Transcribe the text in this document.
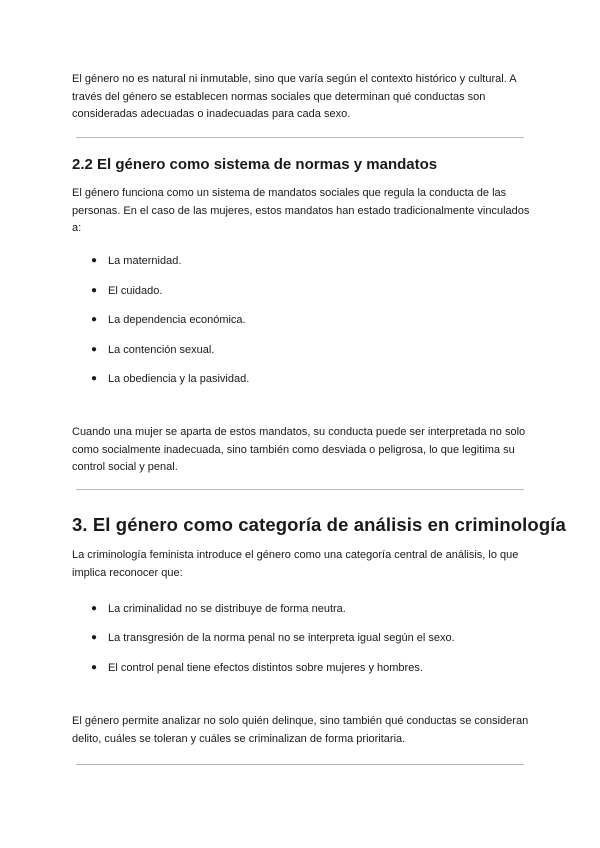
El género no es natural ni inmutable, sino que varía según el contexto histórico y cultural. A través del género se establecen normas sociales que determinan qué conductas son consideradas adecuadas o inadecuadas para cada sexo.

2.2 El género como sistema de normas y mandatos

El género funciona como un sistema de mandatos sociales que regula la conducta de las personas. En el caso de las mujeres, estos mandatos han estado tradicionalmente vinculados a:

● La maternidad.
● El cuidado.
● La dependencia económica.
● La contención sexual.
● La obediencia y la pasividad.

Cuando una mujer se aparta de estos mandatos, su conducta puede ser interpretada no solo como socialmente inadecuada, sino también como desviada o peligrosa, lo que legitima su control social y penal.

3. El género como categoría de análisis en criminología

La criminología feminista introduce el género como una categoría central de análisis, lo que implica reconocer que:

● La criminalidad no se distribuye de forma neutra.
● La transgresión de la norma penal no se interpreta igual según el sexo.
● El control penal tiene efectos distintos sobre mujeres y hombres.

El género permite analizar no solo quién delinque, sino también qué conductas se consideran delito, cuáles se toleran y cuáles se criminalizan de forma prioritaria.
